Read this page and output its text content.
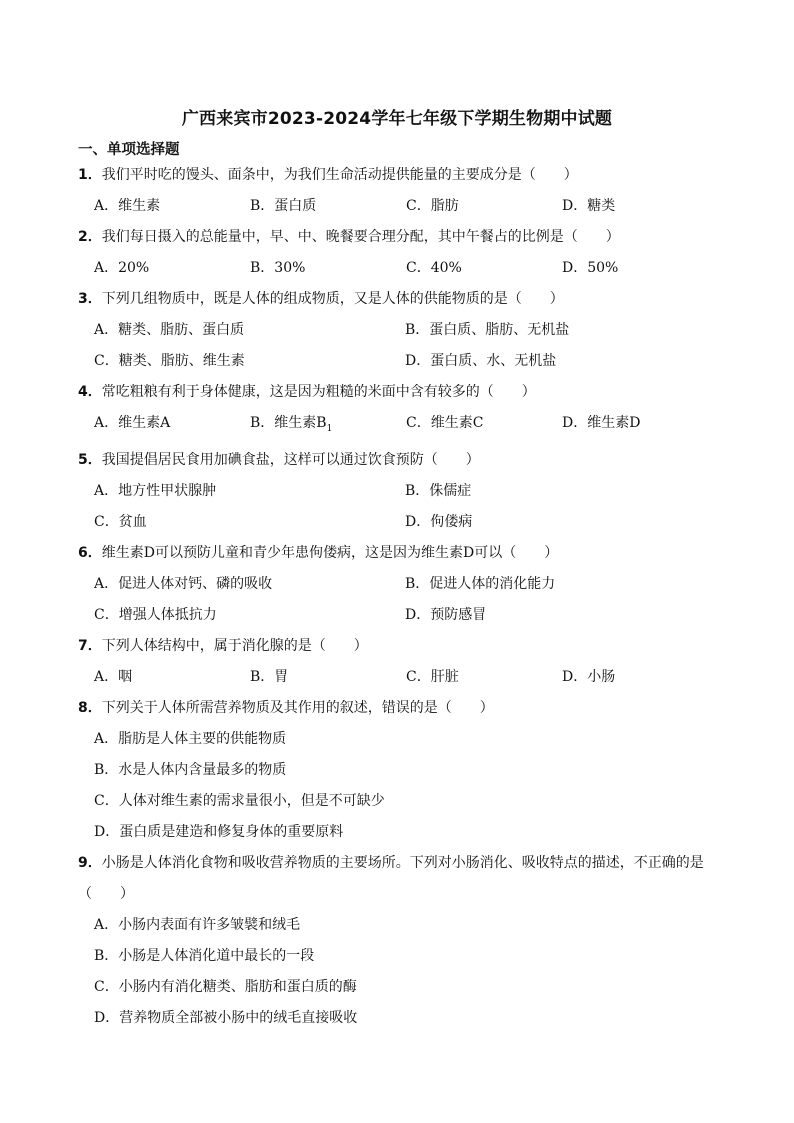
广西来宾市2023-2024学年七年级下学期生物期中试题
一、单项选择题
1．我们平时吃的馒头、面条中，为我们生命活动提供能量的主要成分是（　　）
A．维生素	B．蛋白质	C．脂肪	D．糖类
2．我们每日摄入的总能量中，早、中、晚餐要合理分配，其中午餐占的比例是（　　）
A．20%	B．30%	C．40%	D．50%
3．下列几组物质中，既是人体的组成物质，又是人体的供能物质的是（　　）
A．糖类、脂肪、蛋白质	B．蛋白质、脂肪、无机盐
C．糖类、脂肪、维生素	D．蛋白质、水、无机盐
4．常吃粗粮有利于身体健康，这是因为粗糙的米面中含有较多的（　　）
A．维生素A	B．维生素$B_1$	C．维生素C	D．维生素D
5．我国提倡居民食用加碘食盐，这样可以通过饮食预防（　　）
A．地方性甲状腺肿	B．侏儒症
C．贫血	D．佝偻病
6．维生素D可以预防儿童和青少年患佝偻病，这是因为维生素D可以（　　）
A．促进人体对钙、磷的吸收	B．促进人体的消化能力
C．增强人体抵抗力	D．预防感冒
7．下列人体结构中，属于消化腺的是（　　）
A．咽	B．胃	C．肝脏	D．小肠
8．下列关于人体所需营养物质及其作用的叙述，错误的是（　　）
A．脂肪是人体主要的供能物质
B．水是人体内含量最多的物质
C．人体对维生素的需求量很小，但是不可缺少
D．蛋白质是建造和修复身体的重要原料
9．小肠是人体消化食物和吸收营养物质的主要场所。下列对小肠消化、吸收特点的描述，不正确的是（　　）
A．小肠内表面有许多皱襞和绒毛
B．小肠是人体消化道中最长的一段
C．小肠内有消化糖类、脂肪和蛋白质的酶
D．营养物质全部被小肠中的绒毛直接吸收
